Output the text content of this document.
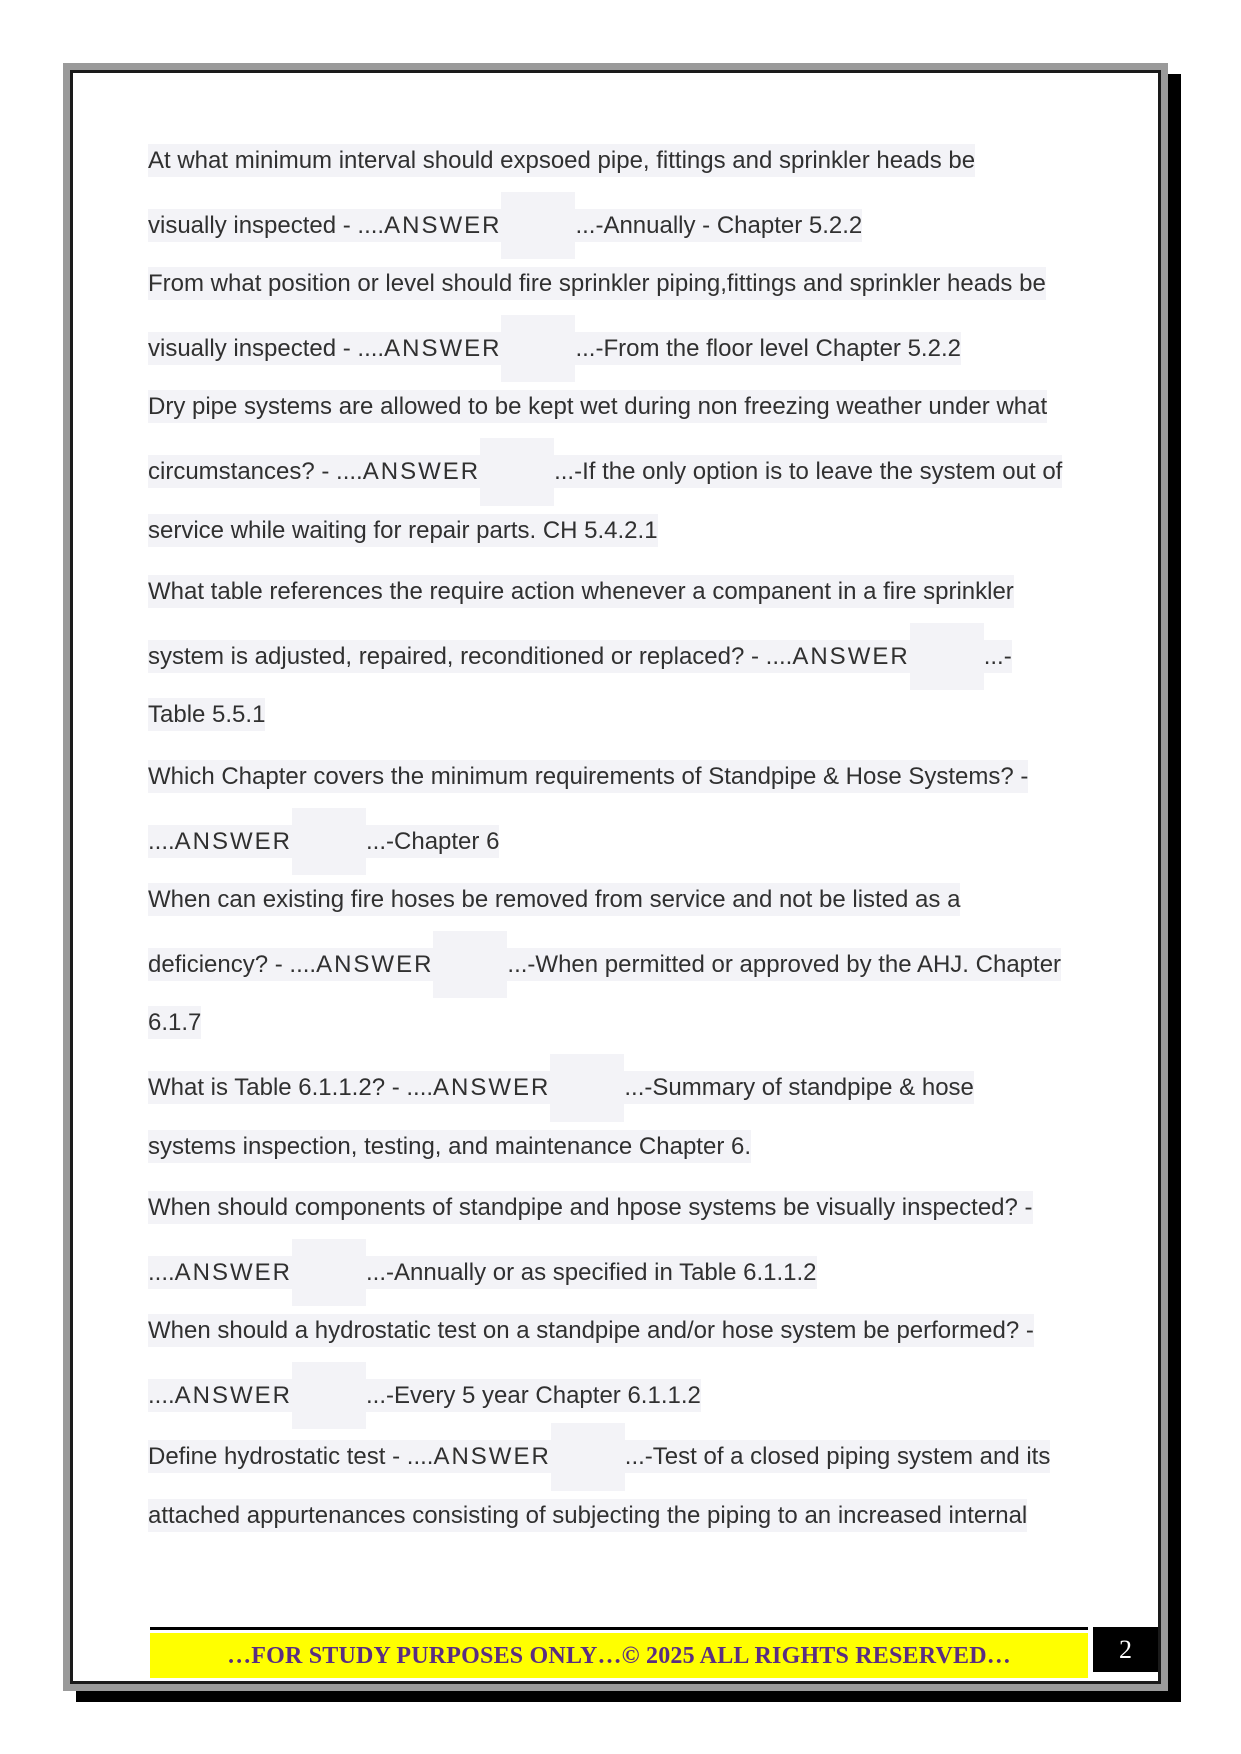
At what minimum interval should expsoed pipe, fittings and sprinkler heads be
visually inspected - ....ANSWER	...-Annually - Chapter 5.2.2
From what position or level should fire sprinkler piping,fittings and sprinkler heads be
visually inspected - ....ANSWER	...-From the floor level Chapter 5.2.2
Dry pipe systems are allowed to be kept wet during non freezing weather under what
circumstances? - ....ANSWER	...-If the only option is to leave the system out of
service while waiting for repair parts. CH 5.4.2.1
What table references the require action whenever a companent in a fire sprinkler
system is adjusted, repaired, reconditioned or replaced? - ....ANSWER	...-
Table 5.5.1
Which Chapter covers the minimum requirements of Standpipe & Hose Systems? -
....ANSWER	...-Chapter 6
When can existing fire hoses be removed from service and not be listed as a
deficiency? - ....ANSWER	...-When permitted or approved by the AHJ. Chapter
6.1.7
What is Table 6.1.1.2? - ....ANSWER	...-Summary of standpipe & hose
systems inspection, testing, and maintenance Chapter 6.
When should components of standpipe and hpose systems be visually inspected? -
....ANSWER	...-Annually or as specified in Table 6.1.1.2
When should a hydrostatic test on a standpipe and/or hose system be performed? -
....ANSWER	...-Every 5 year Chapter 6.1.1.2
Define hydrostatic test - ....ANSWER	...-Test of a closed piping system and its
attached appurtenances consisting of subjecting the piping to an increased internal
…FOR STUDY PURPOSES ONLY…© 2025 ALL RIGHTS RESERVED…	2
